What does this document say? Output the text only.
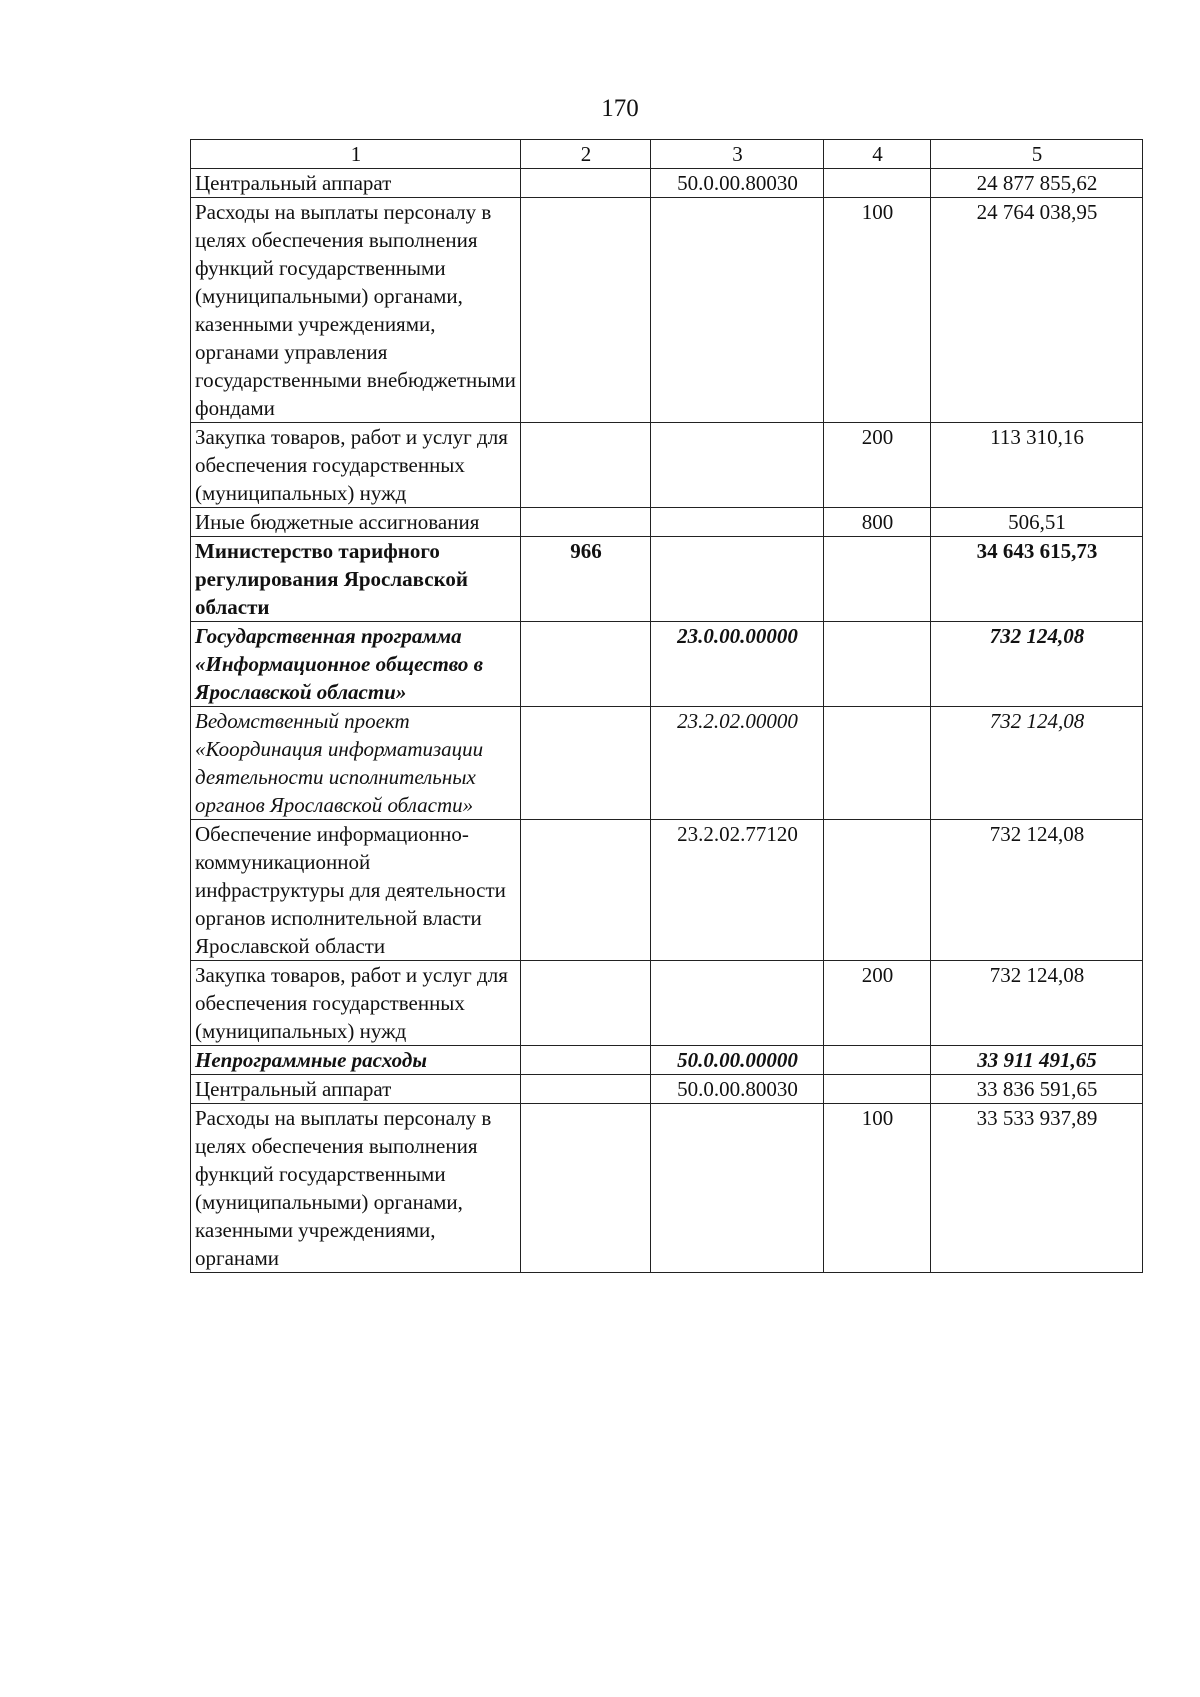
170
1	2	3	4	5
Центральный аппарат		50.0.00.80030		24 877 855,62
Расходы на выплаты персоналу в целях обеспечения выполнения функций государственными (муниципальными) органами, казенными учреждениями, органами управления государственными внебюджетными фондами			100	24 764 038,95
Закупка товаров, работ и услуг для обеспечения государственных (муниципальных) нужд			200	113 310,16
Иные бюджетные ассигнования			800	506,51
Министерство тарифного регулирования Ярославской области	966			34 643 615,73
Государственная программа «Информационное общество в Ярославской области»		23.0.00.00000		732 124,08
Ведомственный проект «Координация информатизации деятельности исполнительных органов Ярославской области»		23.2.02.00000		732 124,08
Обеспечение информационно-коммуникационной инфраструктуры для деятельности органов исполнительной власти Ярославской области		23.2.02.77120		732 124,08
Закупка товаров, работ и услуг для обеспечения государственных (муниципальных) нужд			200	732 124,08
Непрограммные расходы		50.0.00.00000		33 911 491,65
Центральный аппарат		50.0.00.80030		33 836 591,65
Расходы на выплаты персоналу в целях обеспечения выполнения функций государственными (муниципальными) органами, казенными учреждениями, органами			100	33 533 937,89
